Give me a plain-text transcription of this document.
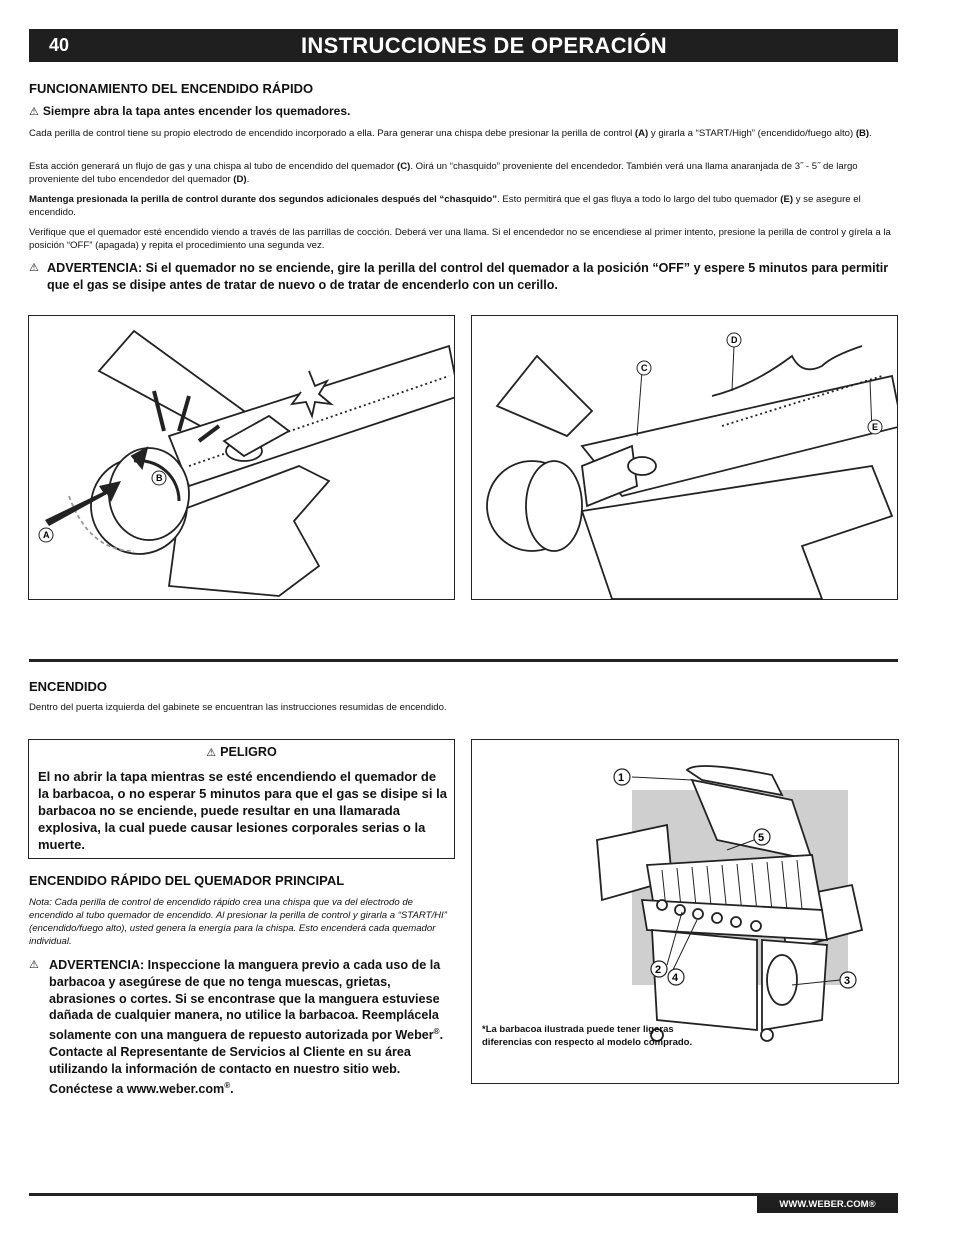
40	INSTRUCCIONES DE OPERACIÓN
FUNCIONAMIENTO DEL ENCENDIDO RÁPIDO
⚠ Siempre abra la tapa antes encender los quemadores.
Cada perilla de control tiene su propio electrodo de encendido incorporado a ella. Para generar una chispa debe presionar la perilla de control (A) y girarla a “START/High” (encendido/fuego alto) (B).
Esta acción generará un flujo de gas y una chispa al tubo de encendido del quemador (C). Oirá un “chasquido” proveniente del encendedor. También verá una llama anaranjada de 3˝ - 5˝ de largo proveniente del tubo encendedor del quemador (D).
Mantenga presionada la perilla de control durante dos segundos adicionales después del “chasquido”. Esto permitirá que el gas fluya a todo lo largo del tubo quemador (E) y se asegure el encendido.
Verifique que el quemador esté encendido viendo a través de las parrillas de cocción. Deberá ver una llama. Si el encendedor no se encendiese al primer intento, presione la perilla de control y gírela a la posición “OFF” (apagada) y repita el procedimiento una segunda vez.
⚠ ADVERTENCIA: Si el quemador no se enciende, gire la perilla del control del quemador a la posición “OFF” y espere 5 minutos para permitir que el gas se disipe antes de tratar de nuevo o de tratar de encenderlo con un cerillo.
B
A
C
D
E
ENCENDIDO
Dentro del puerta izquierda del gabinete se encuentran las instrucciones resumidas de encendido.
⚠ PELIGRO
El no abrir la tapa mientras se esté encendiendo el quemador de la barbacoa, o no esperar 5 minutos para que el gas se disipe si la barbacoa no se enciende, puede resultar en una llamarada explosiva, la cual puede causar lesiones corporales serias o la muerte.
ENCENDIDO RÁPIDO DEL QUEMADOR PRINCIPAL
Nota: Cada perilla de control de encendido rápido crea una chispa que va del electrodo de encendido al tubo quemador de encendido. Al presionar la perilla de control y girarla a “START/HI” (encendido/fuego alto), usted genera la energía para la chispa. Esto encenderá cada quemador individual.
⚠ ADVERTENCIA: Inspeccione la manguera previo a cada uso de la barbacoa y asegúrese de que no tenga muescas, grietas, abrasiones o cortes. Si se encontrase que la manguera estuviese dañada de cualquier manera, no utilice la barbacoa. Reemplácela solamente con una manguera de repuesto autorizada por Weber®. Contacte al Representante de Servicios al Cliente en su área utilizando la información de contacto en nuestro sitio web.
Conéctese a www.weber.com®.
1
5
2
4	3
*La barbacoa ilustrada puede tener ligeras diferencias con respecto al modelo comprado.
WWW.WEBER.COM®
